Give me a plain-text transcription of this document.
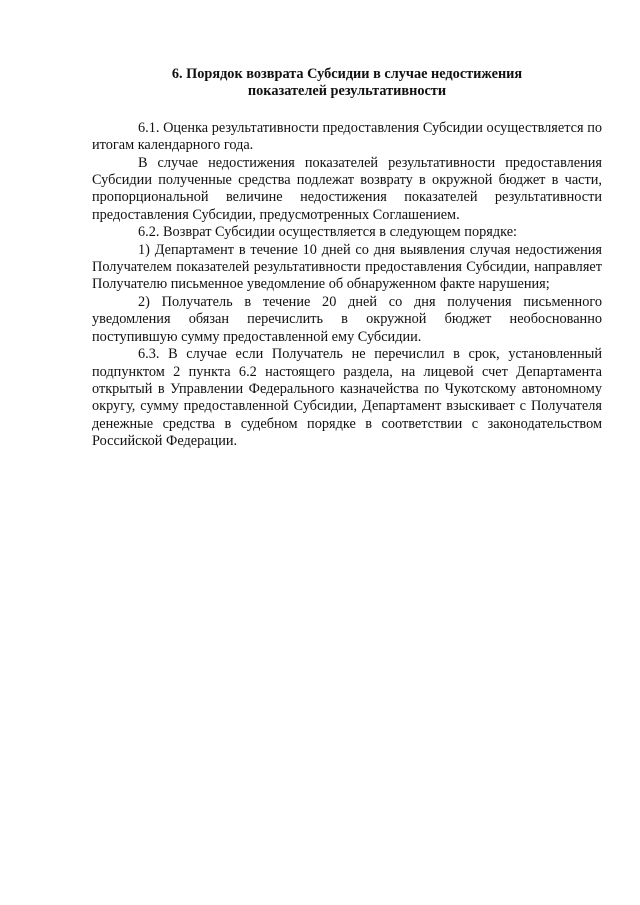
6. Порядок возврата Субсидии в случае недостижения
показателей результативности

6.1. Оценка результативности предоставления Субсидии осуществляется по итогам календарного года.

В случае недостижения показателей результативности предоставления Субсидии полученные средства подлежат возврату в окружной бюджет в части, пропорциональной величине недостижения показателей результативности предоставления Субсидии, предусмотренных Соглашением.

6.2. Возврат Субсидии осуществляется в следующем порядке:

1) Департамент в течение 10 дней со дня выявления случая недостижения Получателем показателей результативности предоставления Субсидии, направляет Получателю письменное уведомление об обнаруженном факте нарушения;

2) Получатель в течение 20 дней со дня получения письменного уведомления обязан перечислить в окружной бюджет необоснованно поступившую сумму предоставленной ему Субсидии.

6.3. В случае если Получатель не перечислил в срок, установленный подпунктом 2 пункта 6.2 настоящего раздела, на лицевой счет Департамента открытый в Управлении Федерального казначейства по Чукотскому автономному округу, сумму предоставленной Субсидии, Департамент взыскивает с Получателя денежные средства в судебном порядке в соответствии с законодательством Российской Федерации.
